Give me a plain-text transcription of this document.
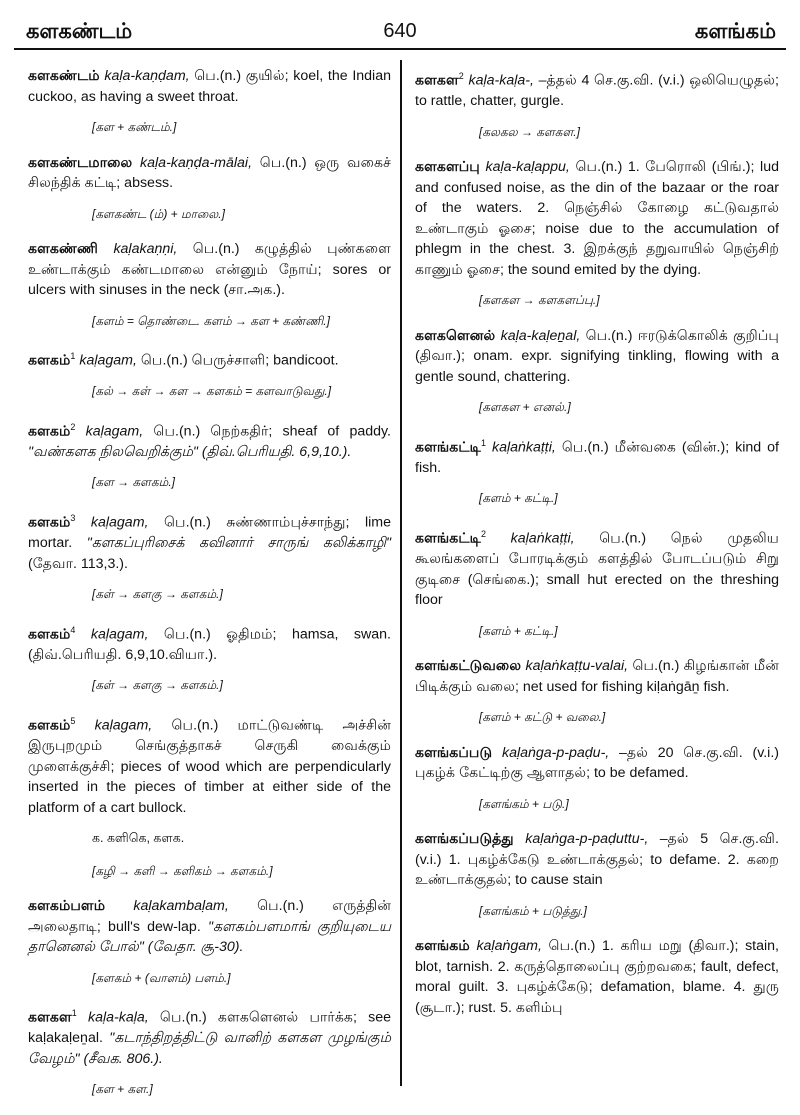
களகண்டம்	640	களங்கம்
களகண்டம் kaḷa-kaṇḍam, பெ.(n.) குயில்; koel, the Indian cuckoo, as having a sweet throat.
[கள + கண்டம்.]
களகண்டமாலை kaḷa-kaṇḍa-mālai, பெ.(n.) ஒரு வகைச் சிலந்திக் கட்டி; absess.
[களகண்ட (ம்) + மாலை.]
களகண்ணி kaḷakaṇṇi, பெ.(n.) கழுத்தில் புண்களை உண்டாக்கும் கண்டமாலை என்னும் நோய்; sores or ulcers with sinuses in the neck (சா.அக.).
[களம் = தொண்டை. களம் → கள + கண்ணி.]
களகம்$^1$ kaḷagam, பெ.(n.) பெருச்சாளி; bandicoot.
[கல் → கள் → கள → களகம் = களவாடுவது.]
களகம்$^2$ kaḷagam, பெ.(n.) நெற்கதிர்; sheaf of paddy. "வண்களக நிலவெறிக்கும்" (திவ்.பெரியதி. 6,9,10.).
[கள → களகம்.]
களகம்$^3$ kaḷagam, பெ.(n.) சுண்ணாம்புச்சாந்து; lime mortar. "களகப்புரிசைக் கவினார் சாருங் கலிக்காழி" (தேவா. 113,3.).
[கள் → களகு → களகம்.]
களகம்$^4$ kaḷagam, பெ.(n.) ஓதிமம்; hamsa, swan. (திவ்.பெரியதி. 6,9,10.வியா.).
[கள் → களகு → களகம்.]
களகம்$^5$ kaḷagam, பெ.(n.) மாட்டுவண்டி அச்சின் இருபுறமும் செங்குத்தாகச் செருகி வைக்கும் முளைக்குச்சி; pieces of wood which are perpendicularly inserted in the pieces of timber at either side of the platform of a cart bullock.
க. களிகெ, களக.
[கழி → களி → களிகம் → களகம்.]
களகம்பளம் kaḷakambaḷam, பெ.(n.) எருத்தின் அலைதாடி; bull's dew-lap. "களகம்பளமாங் குறியுடைய தானெனல் போல்" (வேதா. சூ-30).
[களகம் + (வாளம்) பளம்.]
களகள$^1$ kaḷa-kaḷa, பெ.(n.) களகளெனல் பார்க்க; see kaḷakaḷeṉal. "கடாந்திறத்திட்டு வானிற் களகள முழங்கும் வேழம்" (சீவக. 806.).
[கள + கள.]
களகள$^2$ kaḷa-kaḷa-, –த்தல் 4 செ.கு.வி. (v.i.) ஒலியெழுதல்; to rattle, chatter, gurgle.
[கலகல → களகள.]
களகளப்பு kaḷa-kaḷappu, பெ.(n.) 1. பேரொலி (பிங்.); lud and confused noise, as the din of the bazaar or the roar of the waters. 2. நெஞ்சில் கோழை கட்டுவதால் உண்டாகும் ஓசை; noise due to the accumulation of phlegm in the chest. 3. இறக்குந் தறுவாயில் நெஞ்சிற் காணும் ஓசை; the sound emited by the dying.
[களகள → களகளப்பு.]
களகளெனல் kaḷa-kaḷeṉal, பெ.(n.) ஈரடுக்கொலிக் குறிப்பு (திவா.); onam. expr. signifying tinkling, flowing with a gentle sound, chattering.
[களகள + எனல்.]
களங்கட்டி$^1$ kaḷaṅkaṭṭi, பெ.(n.) மீன்வகை (வின்.); kind of fish.
[களம் + கட்டி.]
களங்கட்டி$^2$ kaḷaṅkaṭṭi, பெ.(n.) நெல் முதலிய கூலங்களைப் போரடிக்கும் களத்தில் போடப்படும் சிறு குடிசை (செங்கை.); small hut erected on the threshing floor
[களம் + கட்டி.]
களங்கட்டுவலை kaḷaṅkaṭṭu-valai, பெ.(n.) கிழங்கான் மீன் பிடிக்கும் வலை; net used for fishing kiḷaṅgāṉ fish.
[களம் + கட்டு + வலை.]
களங்கப்படு kaḷaṅga-p-paḍu-, –தல் 20 செ.கு.வி. (v.i.) புகழ்க் கேட்டிற்கு ஆளாதல்; to be defamed.
[களங்கம் + படு.]
களங்கப்படுத்து kaḷaṅga-p-paḍuttu-, –தல் 5 செ.கு.வி. (v.i.) 1. புகழ்க்கேடு உண்டாக்குதல்; to defame. 2. கறை உண்டாக்குதல்; to cause stain
[களங்கம் + படுத்து.]
களங்கம் kaḷaṅgam, பெ.(n.) 1. கரிய மறு (திவா.); stain, blot, tarnish. 2. கருத்தொலைப்பு குற்றவகை; fault, defect, moral guilt. 3. புகழ்க்கேடு; defamation, blame. 4. துரு (சூடா.); rust. 5. களிம்பு
